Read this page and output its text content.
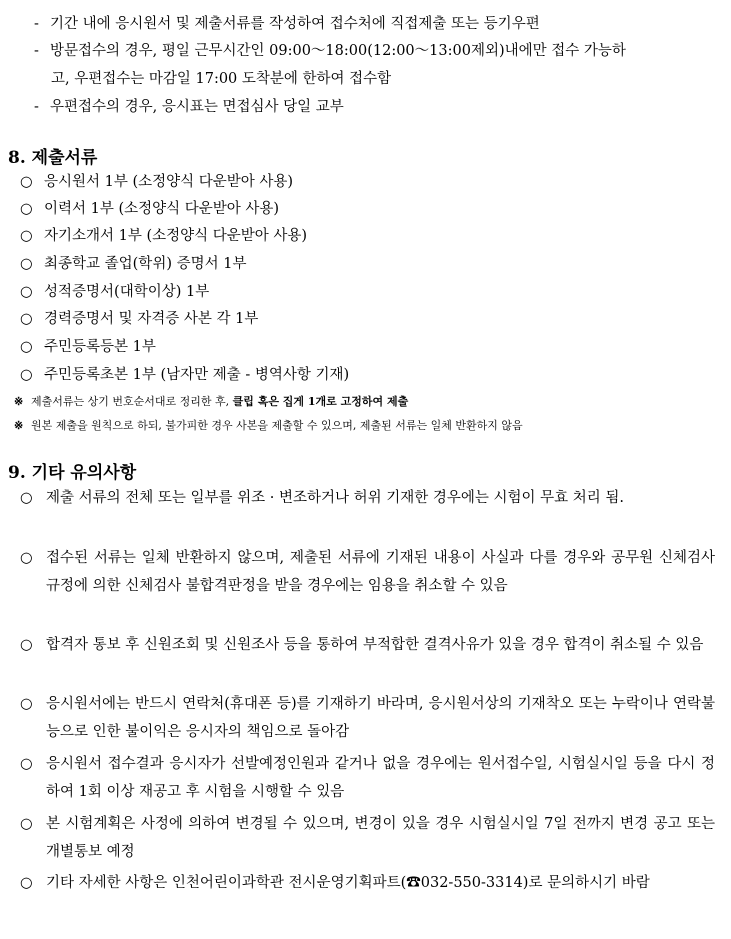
- 기간 내에 응시원서 및 제출서류를 작성하여 접수처에 직접제출 또는 등기우편
- 방문접수의 경우, 평일 근무시간인 09:00～18:00(12:00～13:00제외)내에만 접수 가능하
고, 우편접수는 마감일 17:00 도착분에 한하여 접수함
- 우편접수의 경우, 응시표는 면접심사 당일 교부
8. 제출서류
○ 응시원서 1부 (소정양식 다운받아 사용)
○ 이력서 1부 (소정양식 다운받아 사용)
○ 자기소개서 1부 (소정양식 다운받아 사용)
○ 최종학교 졸업(학위) 증명서 1부
○ 성적증명서(대학이상) 1부
○ 경력증명서 및 자격증 사본 각 1부
○ 주민등록등본 1부
○ 주민등록초본 1부 (남자만 제출 - 병역사항 기재)
※ 제출서류는 상기 번호순서대로 정리한 후, 클립 혹은 집게 1개로 고정하여 제출
※ 원본 제출을 원칙으로 하되, 불가피한 경우 사본을 제출할 수 있으며, 제출된 서류는 일체 반환하지 않음
9. 기타 유의사항
○ 제출 서류의 전체 또는 일부를 위조 · 변조하거나 허위 기재한 경우에는 시험이 무효 처리 됨.
○ 접수된 서류는 일체 반환하지 않으며, 제출된 서류에 기재된 내용이 사실과 다를 경우와 공무원 신체검사 규정에 의한 신체검사 불합격판정을 받을 경우에는 임용을 취소할 수 있음
○ 합격자 통보 후 신원조회 및 신원조사 등을 통하여 부적합한 결격사유가 있을 경우 합격이 취소될 수 있음
○ 응시원서에는 반드시 연락처(휴대폰 등)를 기재하기 바라며, 응시원서상의 기재착오 또는 누락이나 연락불능으로 인한 불이익은 응시자의 책임으로 돌아감
○ 응시원서 접수결과 응시자가 선발예정인원과 같거나 없을 경우에는 원서접수일, 시험실시일 등을 다시 정하여 1회 이상 재공고 후 시험을 시행할 수 있음
○ 본 시험계획은 사정에 의하여 변경될 수 있으며, 변경이 있을 경우 시험실시일 7일 전까지 변경 공고 또는 개별통보 예정
○ 기타 자세한 사항은 인천어린이과학관 전시운영기획파트(☎032-550-3314)로 문의하시기 바람
